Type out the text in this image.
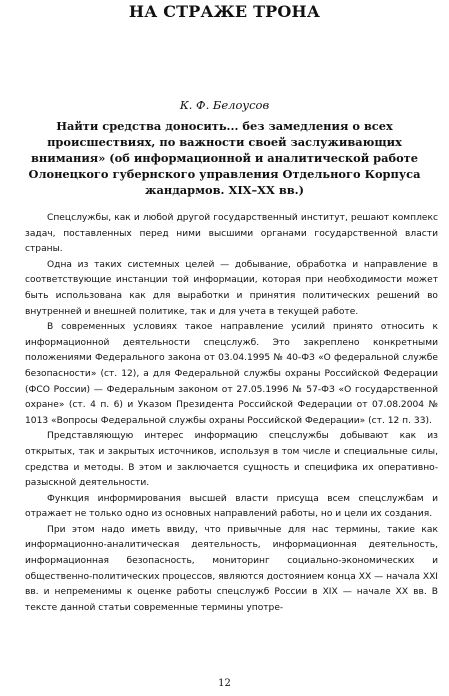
НА СТРАЖЕ ТРОНА
К. Ф. Белоусов
Найти средства доносить... без замедления о всех происшествиях, по важности своей заслуживающих внимания» (об информационной и аналитической работе Олонецкого губернского управления Отдельного Корпуса жандармов. XIX–XX вв.)

Спецслужбы, как и любой другой государственный институт, решают комплекс задач, поставленных перед ними высшими органами государственной власти страны.

Одна из таких системных целей — добывание, обработка и направление в соответствующие инстанции той информации, которая при необходимости может быть использована как для выработки и принятия политических решений во внутренней и внешней политике, так и для учета в текущей работе.

В современных условиях такое направление усилий принято относить к информационной деятельности спецслужб. Это закреплено конкретными положениями Федерального закона от 03.04.1995 № 40-ФЗ «О федеральной службе безопасности» (ст. 12), а для Федеральной службы охраны Российской Федерации (ФСО России) — Федеральным законом от 27.05.1996 № 57-ФЗ «О государственной охране» (ст. 4 п. 6) и Указом Президента Российской Федерации от 07.08.2004 № 1013 «Вопросы Федеральной службы охраны Российской Федерации» (ст. 12 п. 33).

Представляющую интерес информацию спецслужбы добывают как из открытых, так и закрытых источников, используя в том числе и специальные силы, средства и методы. В этом и заключается сущность и специфика их оперативно-разыскной деятельности.

Функция информирования высшей власти присуща всем спецслужбам и отражает не только одно из основных направлений работы, но и цели их создания.

При этом надо иметь ввиду, что привычные для нас термины, такие как информационно-аналитическая деятельность, информационная деятельность, информационная безопасность, мониторинг социально-экономических и общественно-политических процессов, являются достоянием конца XX — начала XXI вв. и непременимы к оценке работы спецслужб России в XIX — начале XX вв. В тексте данной статьи современные термины употре-

12
